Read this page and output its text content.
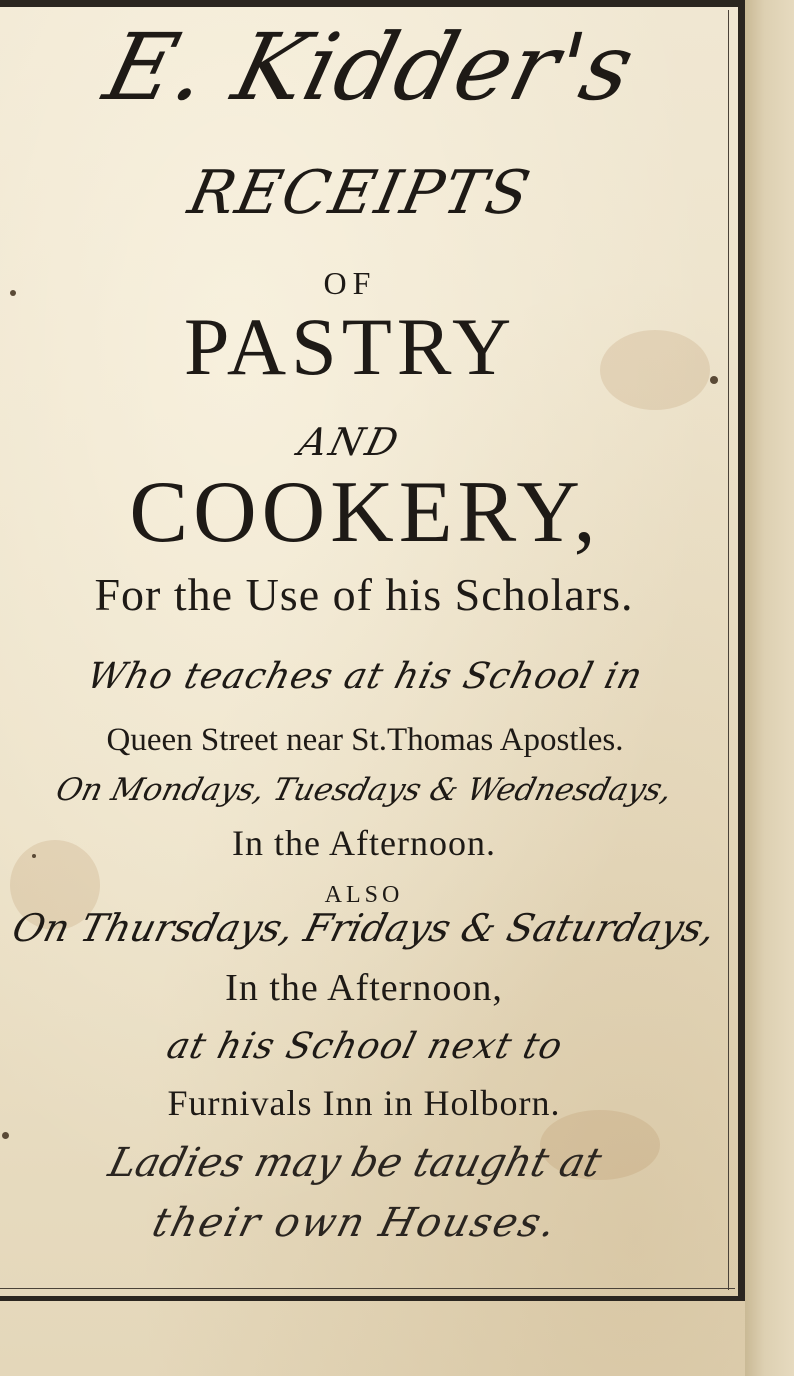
E. Kidder's
RECEIPTS
OF
PASTRY
AND
COOKERY,
For the Use of his Scholars.
Who teaches at his School in
Queen Street near St.Thomas Apostles.
On Mondays, Tuesdays & Wednesdays,
In the Afternoon.
ALSO
On Thursdays, Fridays & Saturdays,
In the Afternoon,
at his School next to
Furnivals Inn in Holborn.
Ladies may be taught at
their own Houses.
